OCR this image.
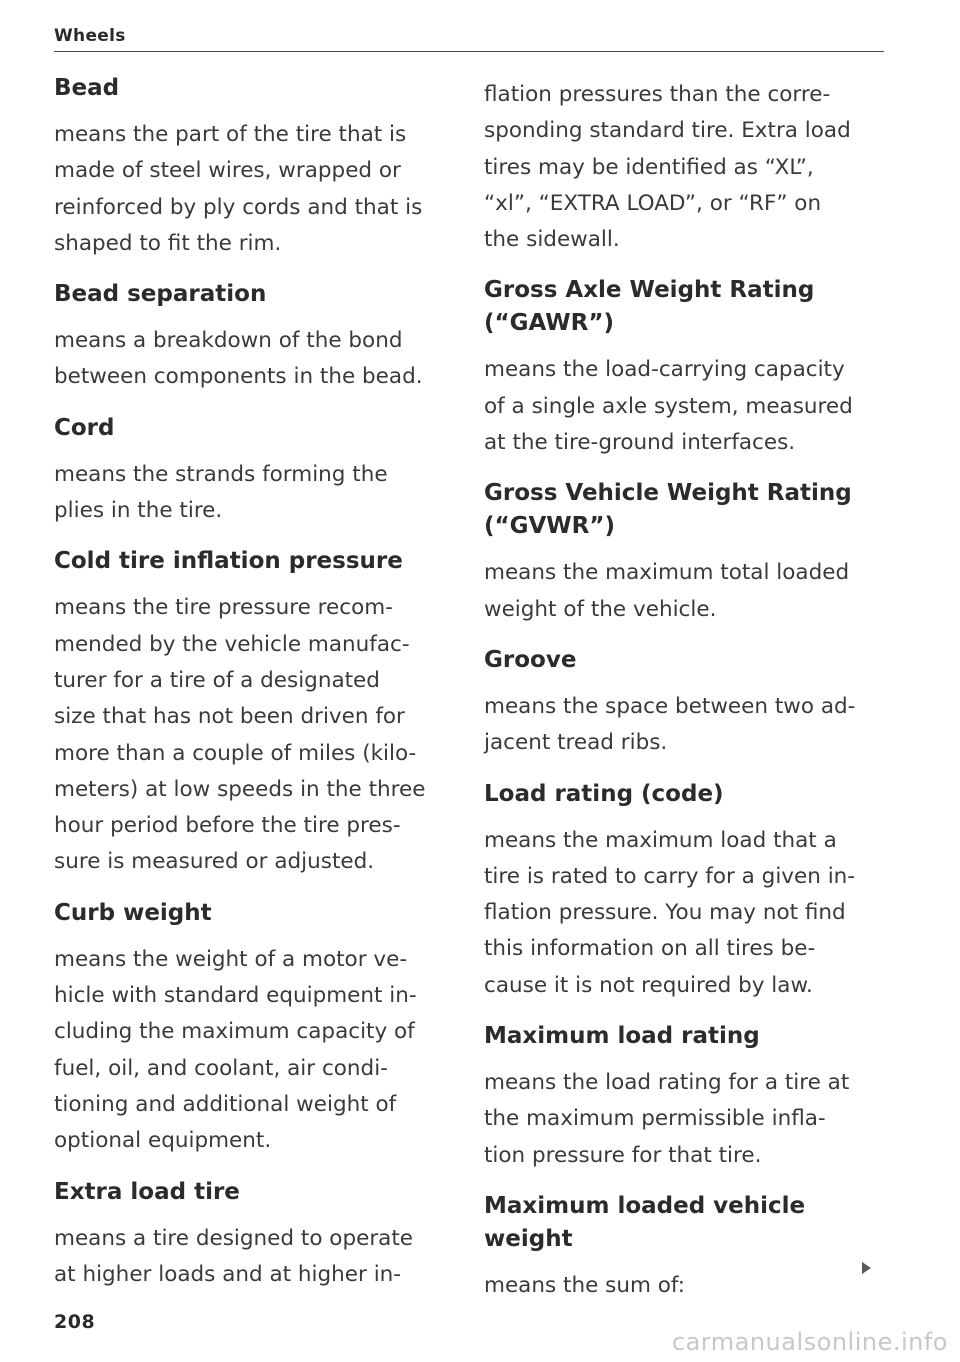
Wheels
Bead
means the part of the tire that is
made of steel wires, wrapped or
reinforced by ply cords and that is
shaped to fit the rim.
Bead separation
means a breakdown of the bond
between components in the bead.
Cord
means the strands forming the
plies in the tire.
Cold tire inflation pressure
means the tire pressure recom-
mended by the vehicle manufac-
turer for a tire of a designated
size that has not been driven for
more than a couple of miles (kilo-
meters) at low speeds in the three
hour period before the tire pres-
sure is measured or adjusted.
Curb weight
means the weight of a motor ve-
hicle with standard equipment in-
cluding the maximum capacity of
fuel, oil, and coolant, air condi-
tioning and additional weight of
optional equipment.
Extra load tire
means a tire designed to operate
at higher loads and at higher in-
flation pressures than the corre-
sponding standard tire. Extra load
tires may be identified as “XL”,
“xl”, “EXTRA LOAD”, or “RF” on
the sidewall.
Gross Axle Weight Rating
(“GAWR”)
means the load-carrying capacity
of a single axle system, measured
at the tire-ground interfaces.
Gross Vehicle Weight Rating
(“GVWR”)
means the maximum total loaded
weight of the vehicle.
Groove
means the space between two ad-
jacent tread ribs.
Load rating (code)
means the maximum load that a
tire is rated to carry for a given in-
flation pressure. You may not find
this information on all tires be-
cause it is not required by law.
Maximum load rating
means the load rating for a tire at
the maximum permissible infla-
tion pressure for that tire.
Maximum loaded vehicle
weight
means the sum of:
208
carmanualsonline.info
